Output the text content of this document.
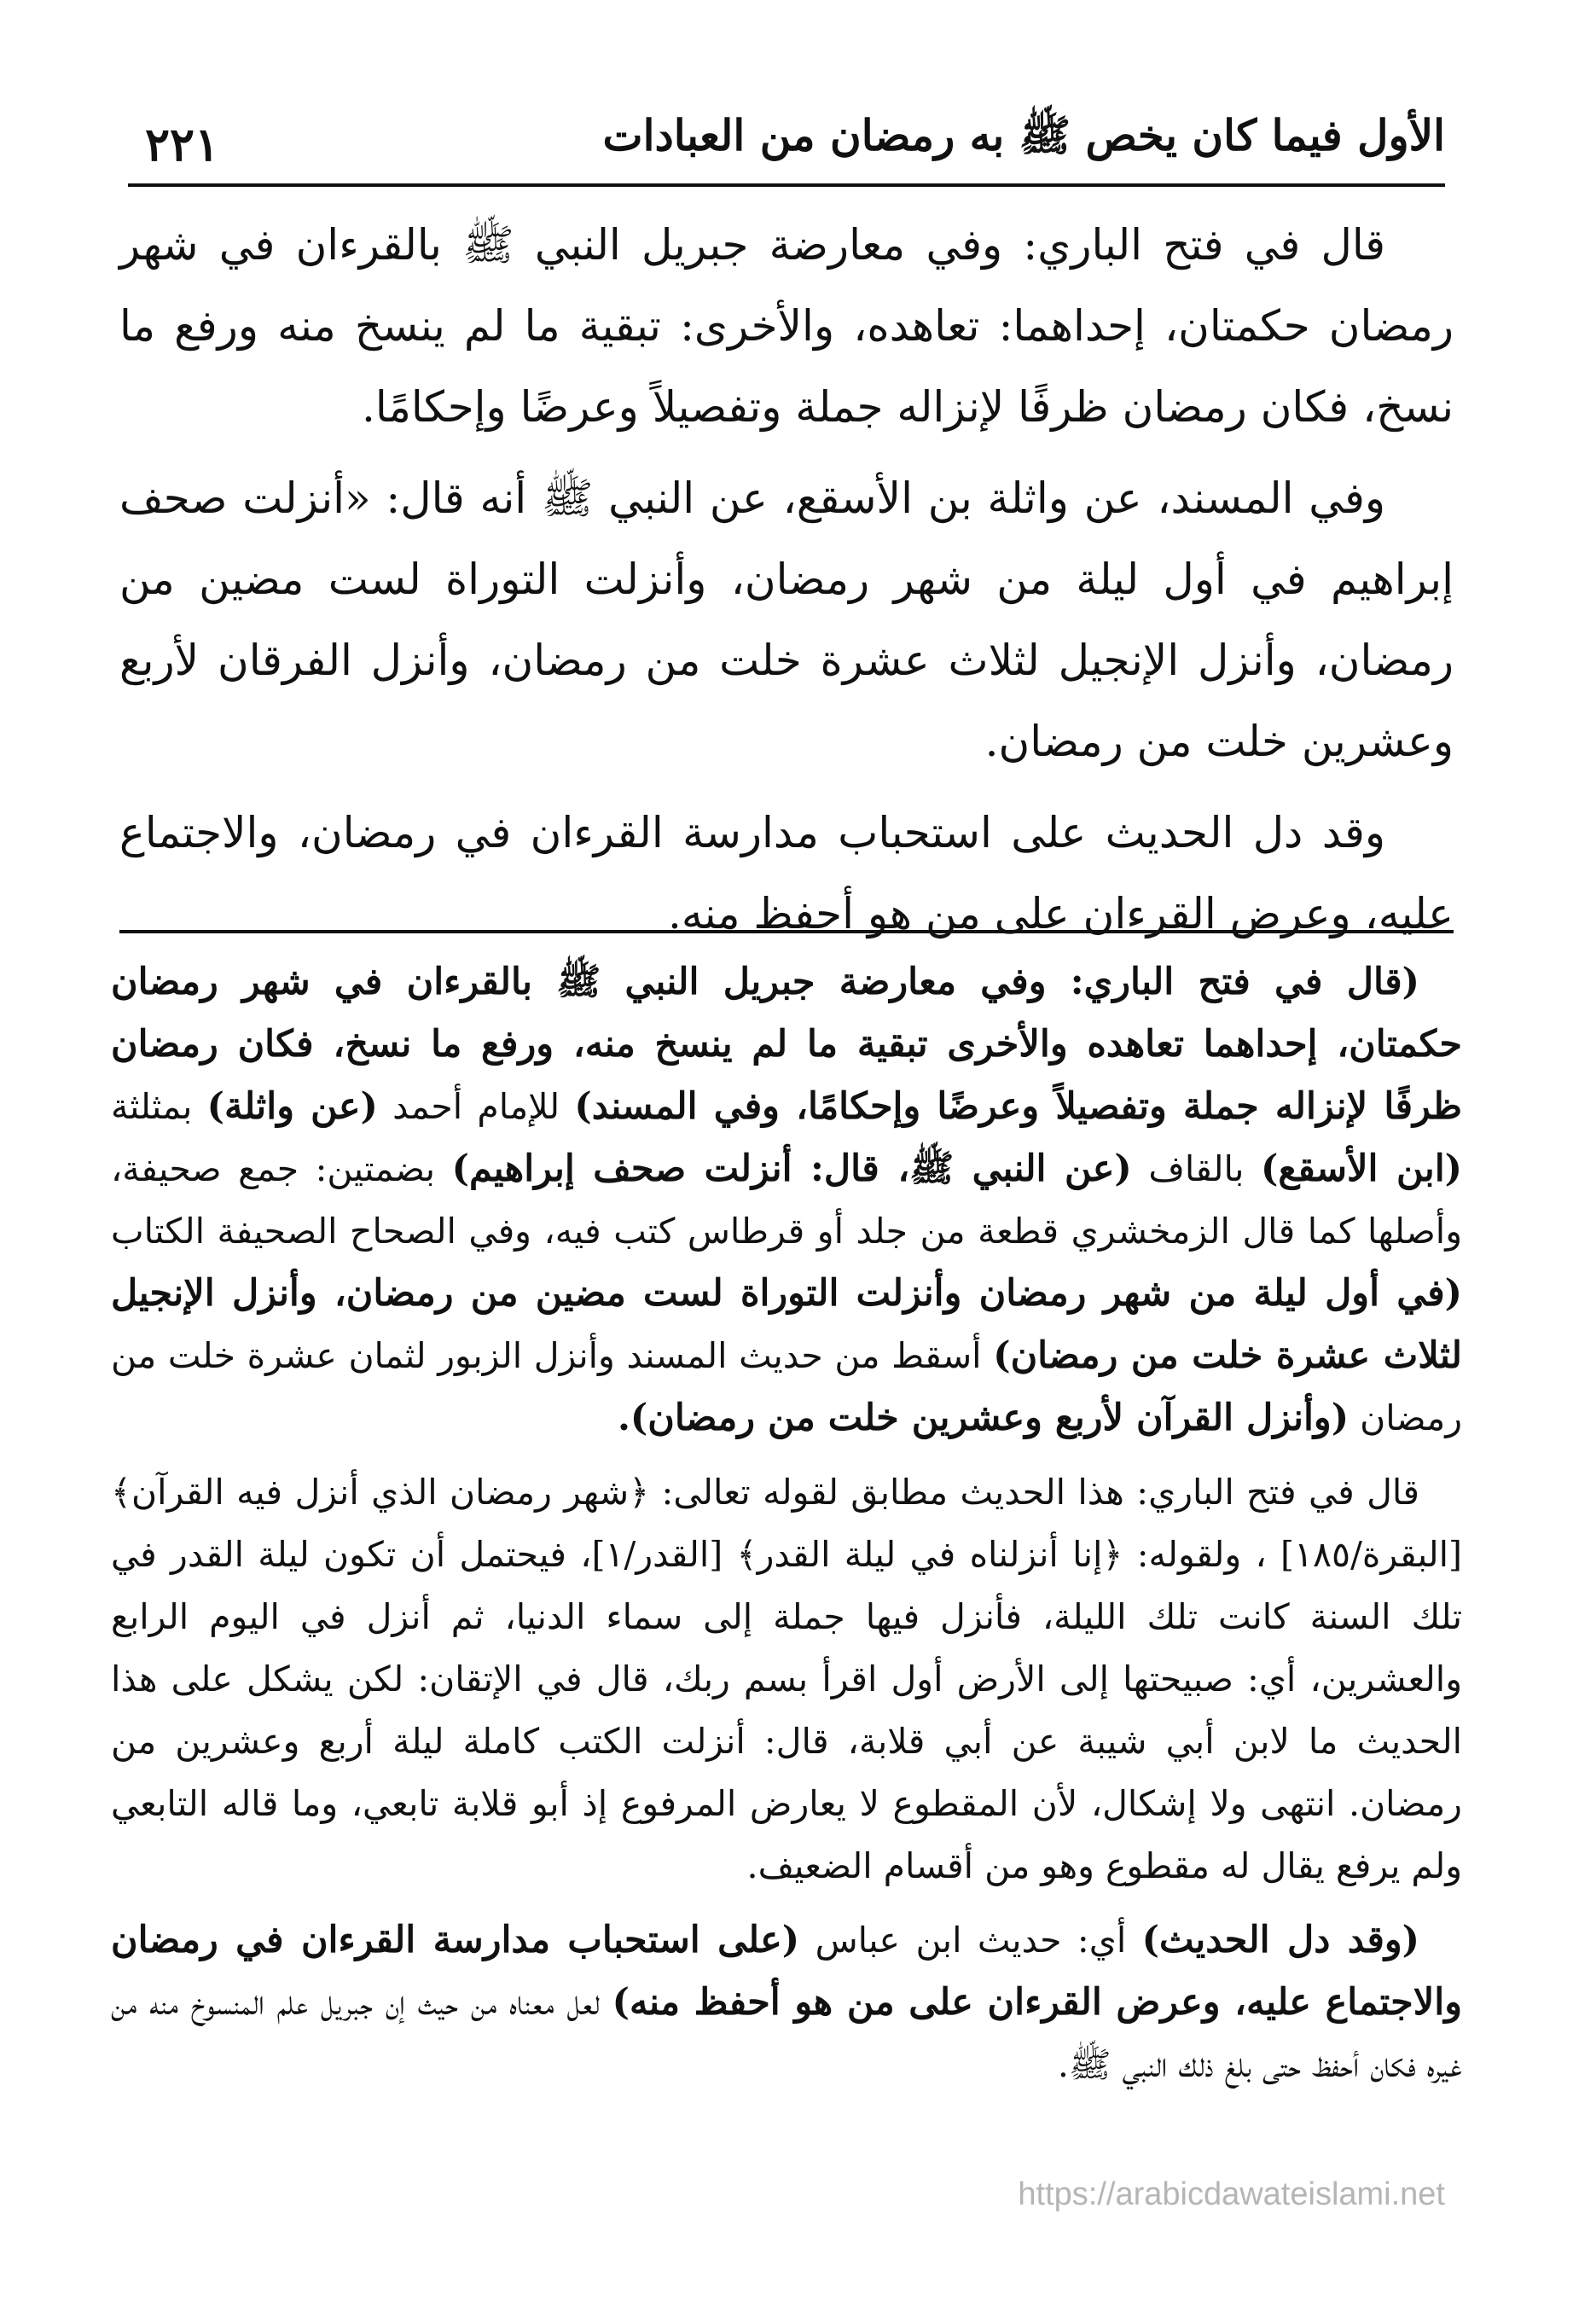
الأول فيما كان يخص ﷺ به رمضان من العبادات
٢٢١

قال في فتح الباري: وفي معارضة جبريل النبي ﷺ بالقرءان في شهر رمضان حكمتان، إحداهما: تعاهده، والأخرى: تبقية ما لم ينسخ منه ورفع ما نسخ، فكان رمضان ظرفًا لإنزاله جملة وتفصيلاً وعرضًا وإحكامًا.

وفي المسند، عن واثلة بن الأسقع، عن النبي ﷺ أنه قال: «أنزلت صحف إبراهيم في أول ليلة من شهر رمضان، وأنزلت التوراة لست مضين من رمضان، وأنزل الإنجيل لثلاث عشرة خلت من رمضان، وأنزل الفرقان لأربع وعشرين خلت من رمضان.

وقد دل الحديث على استحباب مدارسة القرءان في رمضان، والاجتماع عليه، وعرض القرءان على من هو أحفظ منه.

(قال في فتح الباري: وفي معارضة جبريل النبي ﷺ بالقرءان في شهر رمضان حكمتان، إحداهما تعاهده والأخرى تبقية ما لم ينسخ منه، ورفع ما نسخ، فكان رمضان ظرفًا لإنزاله جملة وتفصيلاً وعرضًا وإحكامًا، وفي المسند) للإمام أحمد (عن واثلة) بمثلثة (ابن الأسقع) بالقاف (عن النبي ﷺ، قال: أنزلت صحف إبراهيم) بضمتين: جمع صحيفة، وأصلها كما قال الزمخشري قطعة من جلد أو قرطاس كتب فيه، وفي الصحاح الصحيفة الكتاب (في أول ليلة من شهر رمضان وأنزلت التوراة لست مضين من رمضان، وأنزل الإنجيل لثلاث عشرة خلت من رمضان) أسقط من حديث المسند وأنزل الزبور لثمان عشرة خلت من رمضان (وأنزل القرآن لأربع وعشرين خلت من رمضان).

قال في فتح الباري: هذا الحديث مطابق لقوله تعالى: ﴿شهر رمضان الذي أنزل فيه القرآن﴾ [البقرة/١٨٥] ، ولقوله: ﴿إنا أنزلناه في ليلة القدر﴾ [القدر/١]، فيحتمل أن تكون ليلة القدر في تلك السنة كانت تلك الليلة، فأنزل فيها جملة إلى سماء الدنيا، ثم أنزل في اليوم الرابع والعشرين، أي: صبيحتها إلى الأرض أول اقرأ بسم ربك، قال في الإتقان: لكن يشكل على هذا الحديث ما لابن أبي شيبة عن أبي قلابة، قال: أنزلت الكتب كاملة ليلة أربع وعشرين من رمضان. انتهى ولا إشكال، لأن المقطوع لا يعارض المرفوع إذ أبو قلابة تابعي، وما قاله التابعي ولم يرفع يقال له مقطوع وهو من أقسام الضعيف.

(وقد دل الحديث) أي: حديث ابن عباس (على استحباب مدارسة القرءان في رمضان والاجتماع عليه، وعرض القرءان على من هو أحفظ منه) لعل معناه من حيث إن جبريل علم المنسوخ منه من غيره فكان أحفظ حتى بلغ ذلك النبي ﷺ.

https://arabicdawateislami.net
